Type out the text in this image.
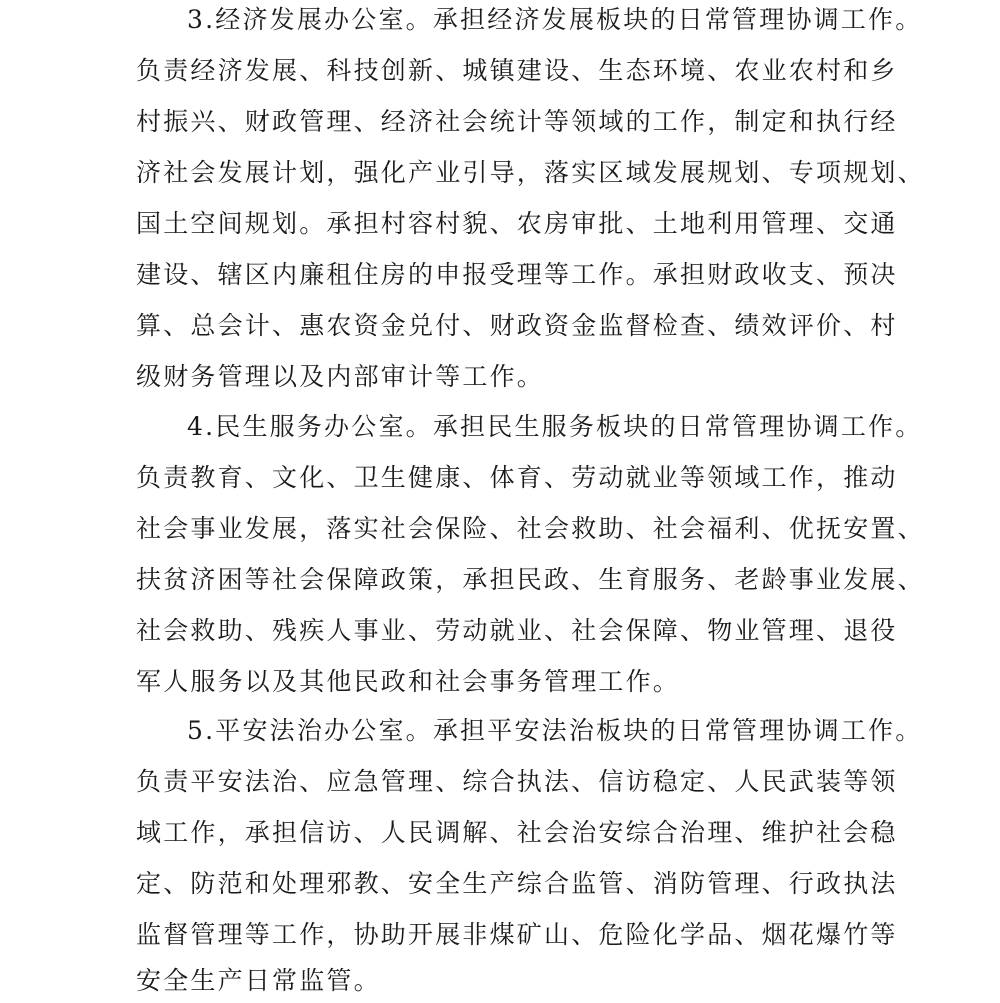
3.经济发展办公室。承担经济发展板块的日常管理协调工作。
负责经济发展、科技创新、城镇建设、生态环境、农业农村和乡
村振兴、财政管理、经济社会统计等领域的工作，制定和执行经
济社会发展计划，强化产业引导，落实区域发展规划、专项规划、
国土空间规划。承担村容村貌、农房审批、土地利用管理、交通
建设、辖区内廉租住房的申报受理等工作。承担财政收支、预决
算、总会计、惠农资金兑付、财政资金监督检查、绩效评价、村
级财务管理以及内部审计等工作。
4.民生服务办公室。承担民生服务板块的日常管理协调工作。
负责教育、文化、卫生健康、体育、劳动就业等领域工作，推动
社会事业发展，落实社会保险、社会救助、社会福利、优抚安置、
扶贫济困等社会保障政策，承担民政、生育服务、老龄事业发展、
社会救助、残疾人事业、劳动就业、社会保障、物业管理、退役
军人服务以及其他民政和社会事务管理工作。
5.平安法治办公室。承担平安法治板块的日常管理协调工作。
负责平安法治、应急管理、综合执法、信访稳定、人民武装等领
域工作，承担信访、人民调解、社会治安综合治理、维护社会稳
定、防范和处理邪教、安全生产综合监管、消防管理、行政执法
监督管理等工作，协助开展非煤矿山、危险化学品、烟花爆竹等
安全生产日常监管。
